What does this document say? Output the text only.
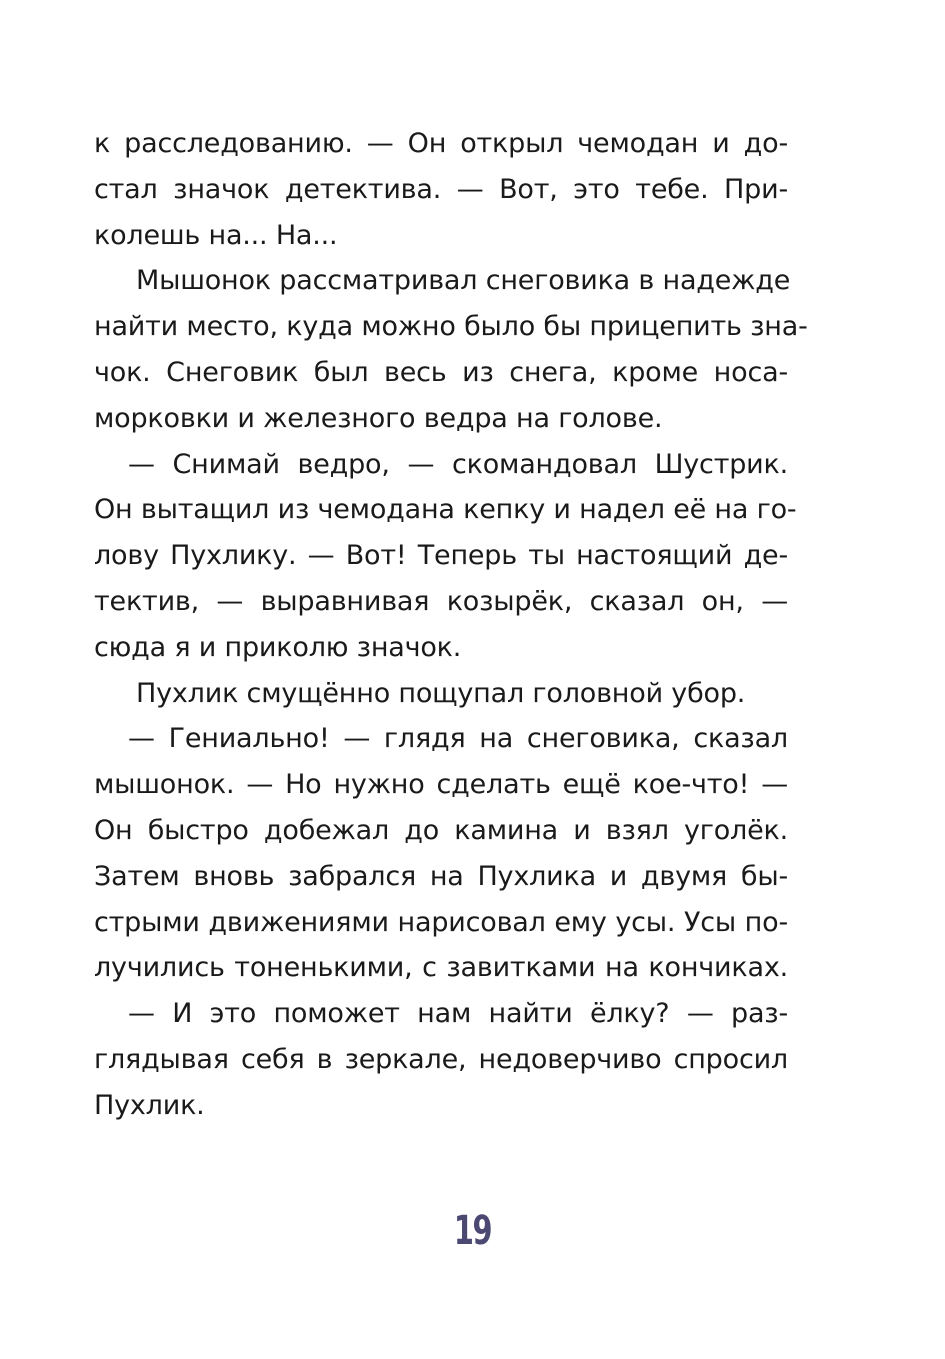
к расследованию. — Он открыл чемодан и до-
стал значок детектива. — Вот, это тебе. При-
колешь на... На...
Мышонок рассматривал снеговика в надежде
найти место, куда можно было бы прицепить зна-
чок. Снеговик был весь из снега, кроме носа-
морковки и железного ведра на голове.
— Снимай ведро, — скомандовал Шустрик.
Он вытащил из чемодана кепку и надел её на го-
лову Пухлику. — Вот! Теперь ты настоящий де-
тектив, — выравнивая козырёк, сказал он, —
сюда я и приколю значок.
Пухлик смущённо пощупал головной убор.
— Гениально! — глядя на снеговика, сказал
мышонок. — Но нужно сделать ещё кое-что! —
Он быстро добежал до камина и взял уголёк.
Затем вновь забрался на Пухлика и двумя бы-
стрыми движениями нарисовал ему усы. Усы по-
лучились тоненькими, с завитками на кончиках.
— И это поможет нам найти ёлку? — раз-
глядывая себя в зеркале, недоверчиво спросил
Пухлик.
19
